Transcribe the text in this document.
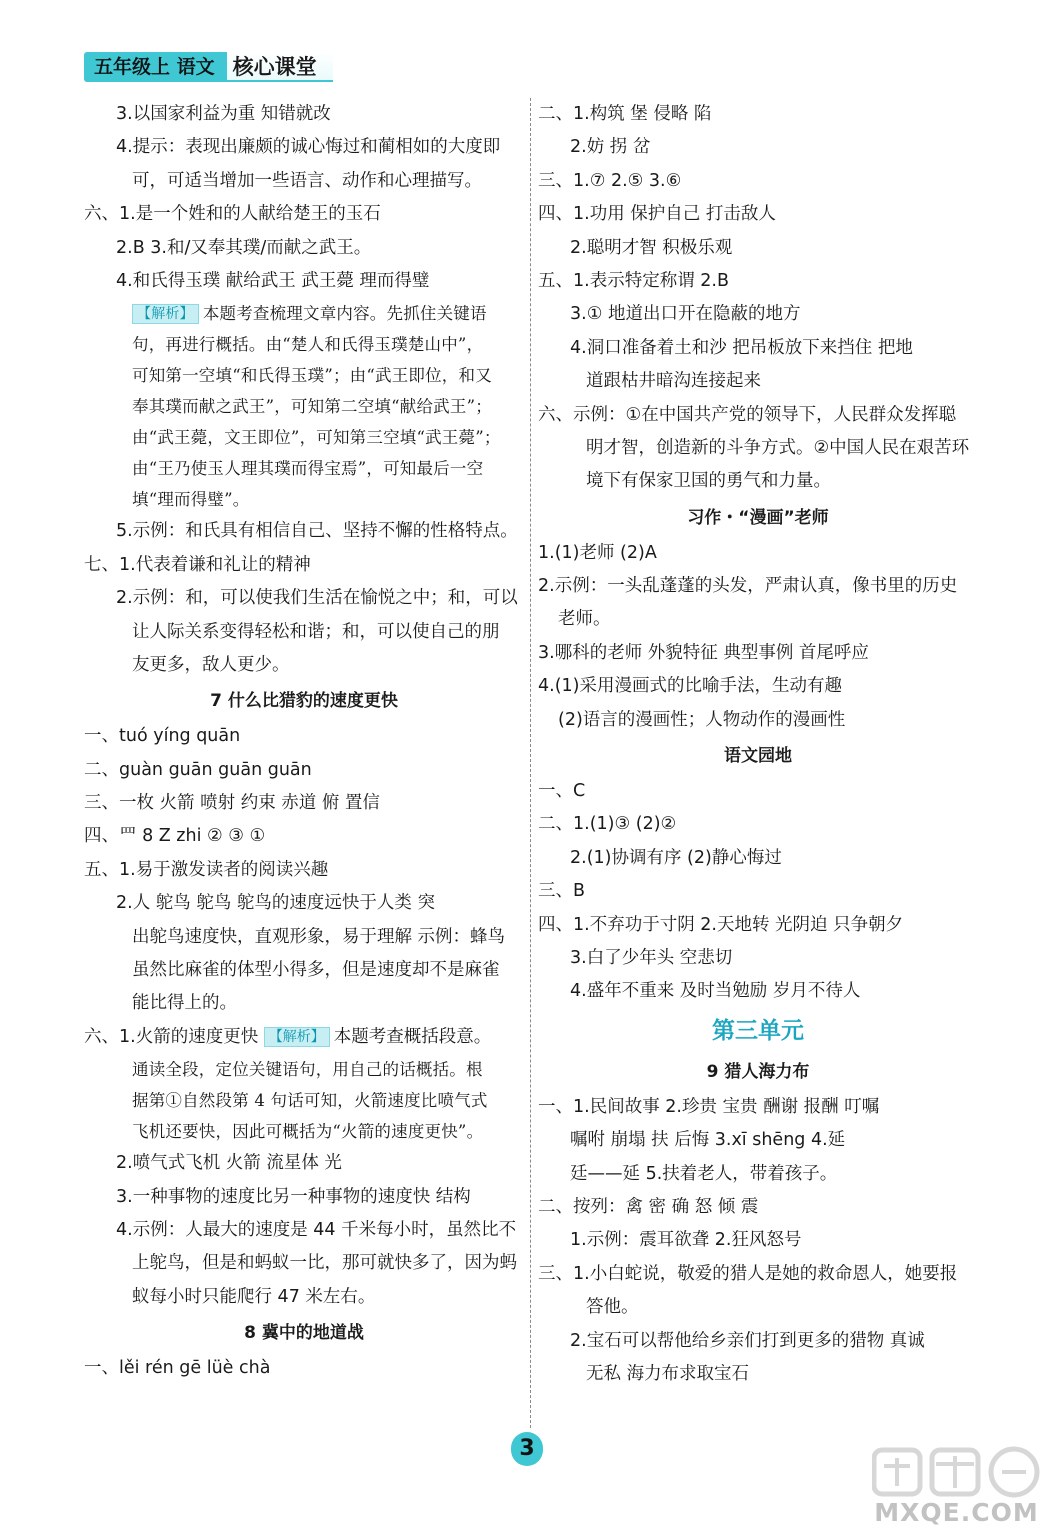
五年级上 语文 核心课堂
3.以国家利益为重 知错就改
4.提示：表现出廉颇的诚心悔过和蔺相如的大度即
可，可适当增加一些语言、动作和心理描写。
六、1.是一个姓和的人献给楚王的玉石
2.B 3.和/又奉其璞/而献之武王。
4.和氏得玉璞 献给武王 武王薨 理而得璧
【解析】 本题考查梳理文章内容。先抓住关键语
句，再进行概括。由“楚人和氏得玉璞楚山中”，
可知第一空填“和氏得玉璞”；由“武王即位，和又
奉其璞而献之武王”，可知第二空填“献给武王”；
由“武王薨，文王即位”，可知第三空填“武王薨”；
由“王乃使玉人理其璞而得宝焉”，可知最后一空
填“理而得璧”。
5.示例：和氏具有相信自己、坚持不懈的性格特点。
七、1.代表着谦和礼让的精神
2.示例：和，可以使我们生活在愉悦之中；和，可以
让人际关系变得轻松和谐；和，可以使自己的朋
友更多，敌人更少。
7 什么比猎豹的速度更快
一、tuó yíng quān
二、guàn guān guān guān
三、一枚 火箭 喷射 约束 赤道 俯 置信
四、罒 8 Z zhi ② ③ ①
五、1.易于激发读者的阅读兴趣
2.人 鸵鸟 鸵鸟 鸵鸟的速度远快于人类 突
出鸵鸟速度快，直观形象，易于理解 示例：蜂鸟
虽然比麻雀的体型小得多，但是速度却不是麻雀
能比得上的。
六、1.火箭的速度更快 【解析】 本题考查概括段意。
通读全段，定位关键语句，用自己的话概括。根
据第①自然段第 4 句话可知，火箭速度比喷气式
飞机还要快，因此可概括为“火箭的速度更快”。
2.喷气式飞机 火箭 流星体 光
3.一种事物的速度比另一种事物的速度快 结构
4.示例：人最大的速度是 44 千米每小时，虽然比不
上鸵鸟，但是和蚂蚁一比，那可就快多了，因为蚂
蚁每小时只能爬行 47 米左右。
8 冀中的地道战
一、lěi rén gē lüè chà
二、1.构筑 堡 侵略 陷
2.妨 拐 岔
三、1.⑦ 2.⑤ 3.⑥
四、1.功用 保护自己 打击敌人
2.聪明才智 积极乐观
五、1.表示特定称谓 2.B
3.① 地道出口开在隐蔽的地方
4.洞口准备着土和沙 把吊板放下来挡住 把地
道跟枯井暗沟连接起来
六、示例：①在中国共产党的领导下，人民群众发挥聪
明才智，创造新的斗争方式。②中国人民在艰苦环
境下有保家卫国的勇气和力量。
习作・“漫画”老师
1.(1)老师 (2)A
2.示例：一头乱蓬蓬的头发，严肃认真，像书里的历史
老师。
3.哪科的老师 外貌特征 典型事例 首尾呼应
4.(1)采用漫画式的比喻手法，生动有趣
(2)语言的漫画性；人物动作的漫画性
语文园地
一、C
二、1.(1)③ (2)②
2.(1)协调有序 (2)静心悔过
三、B
四、1.不弃功于寸阴 2.天地转 光阴迫 只争朝夕
3.白了少年头 空悲切
4.盛年不重来 及时当勉励 岁月不待人
第三单元
9 猎人海力布
一、1.民间故事 2.珍贵 宝贵 酬谢 报酬 叮嘱
嘱咐 崩塌 扶 后悔 3.xī shēng 4.延
廷——延 5.扶着老人，带着孩子。
二、按列：禽 密 确 怒 倾 震
1.示例：震耳欲聋 2.狂风怒号
三、1.小白蛇说，敬爱的猎人是她的救命恩人，她要报
答他。
2.宝石可以帮他给乡亲们打到更多的猎物 真诚
无私 海力布求取宝石
3
MXQE.COM
